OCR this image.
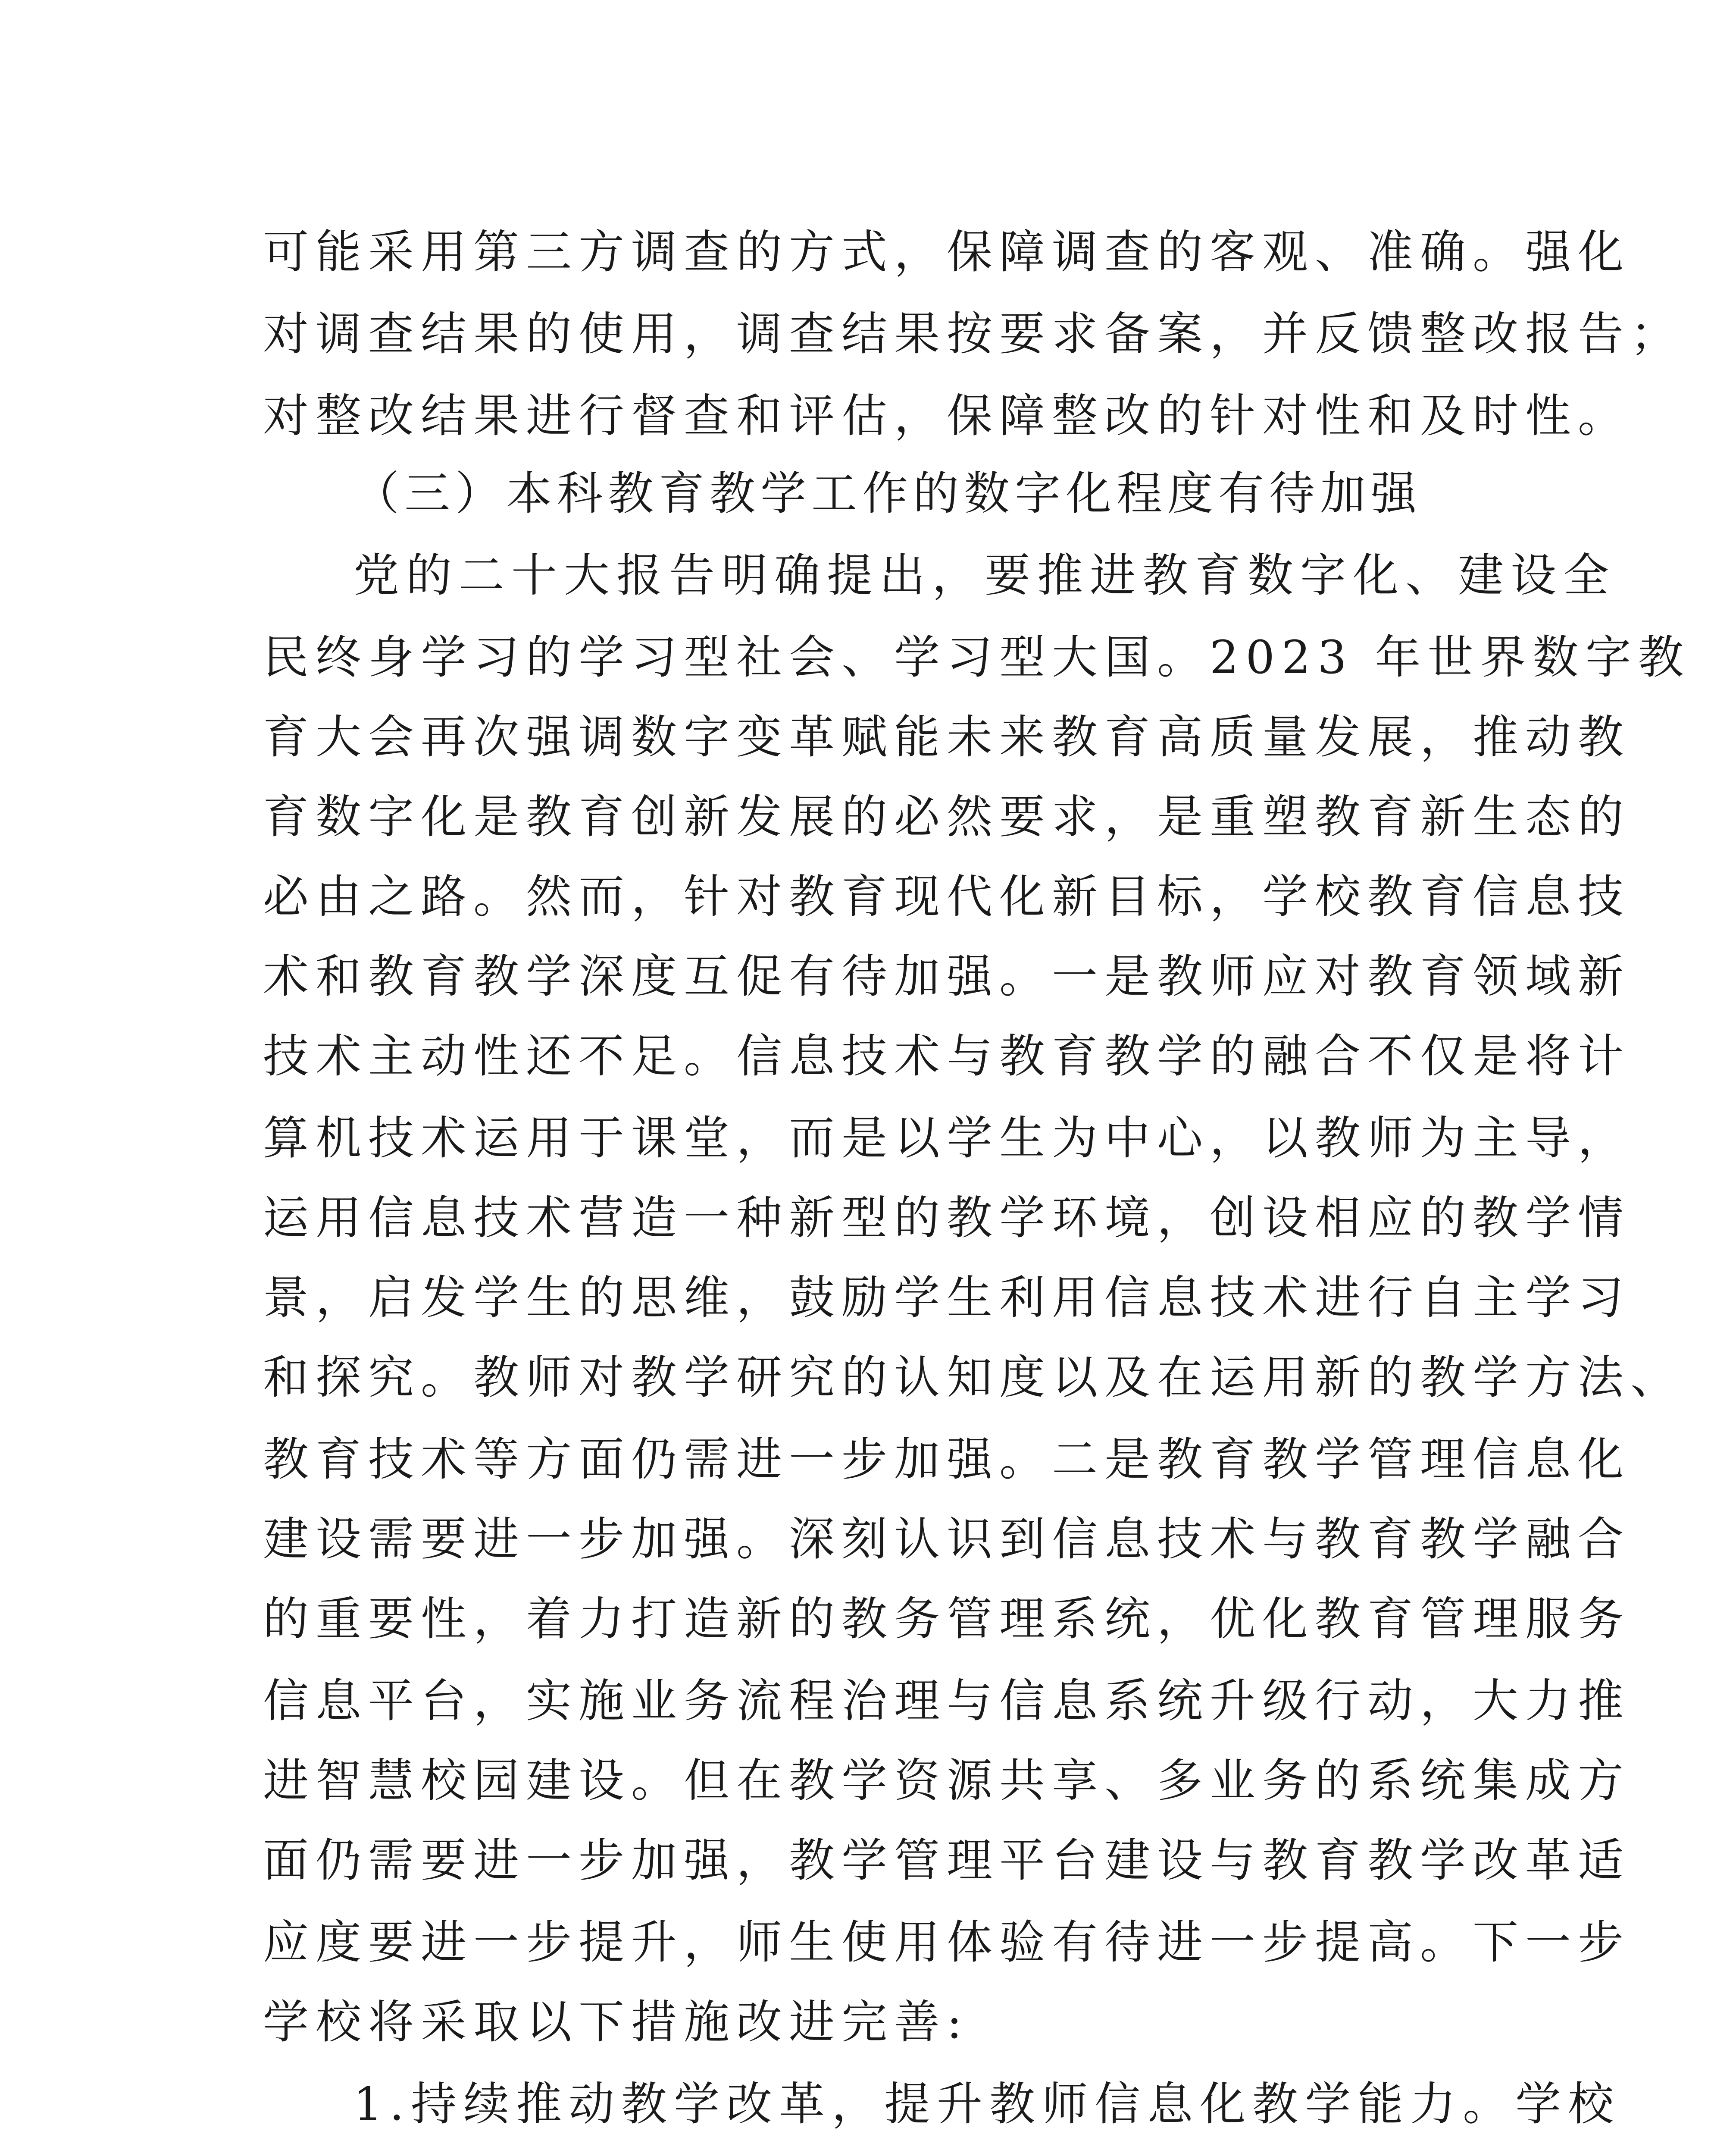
可能采用第三方调查的方式，保障调查的客观、准确。强化
对调查结果的使用，调查结果按要求备案，并反馈整改报告；
对整改结果进行督查和评估，保障整改的针对性和及时性。
（三）本科教育教学工作的数字化程度有待加强
党的二十大报告明确提出，要推进教育数字化、建设全
民终身学习的学习型社会、学习型大国。2023 年世界数字教
育大会再次强调数字变革赋能未来教育高质量发展，推动教
育数字化是教育创新发展的必然要求，是重塑教育新生态的
必由之路。然而，针对教育现代化新目标，学校教育信息技
术和教育教学深度互促有待加强。一是教师应对教育领域新
技术主动性还不足。信息技术与教育教学的融合不仅是将计
算机技术运用于课堂，而是以学生为中心，以教师为主导，
运用信息技术营造一种新型的教学环境，创设相应的教学情
景，启发学生的思维，鼓励学生利用信息技术进行自主学习
和探究。教师对教学研究的认知度以及在运用新的教学方法、
教育技术等方面仍需进一步加强。二是教育教学管理信息化
建设需要进一步加强。深刻认识到信息技术与教育教学融合
的重要性，着力打造新的教务管理系统，优化教育管理服务
信息平台，实施业务流程治理与信息系统升级行动，大力推
进智慧校园建设。但在教学资源共享、多业务的系统集成方
面仍需要进一步加强，教学管理平台建设与教育教学改革适
应度要进一步提升，师生使用体验有待进一步提高。下一步
学校将采取以下措施改进完善:
1.持续推动教学改革，提升教师信息化教学能力。学校
